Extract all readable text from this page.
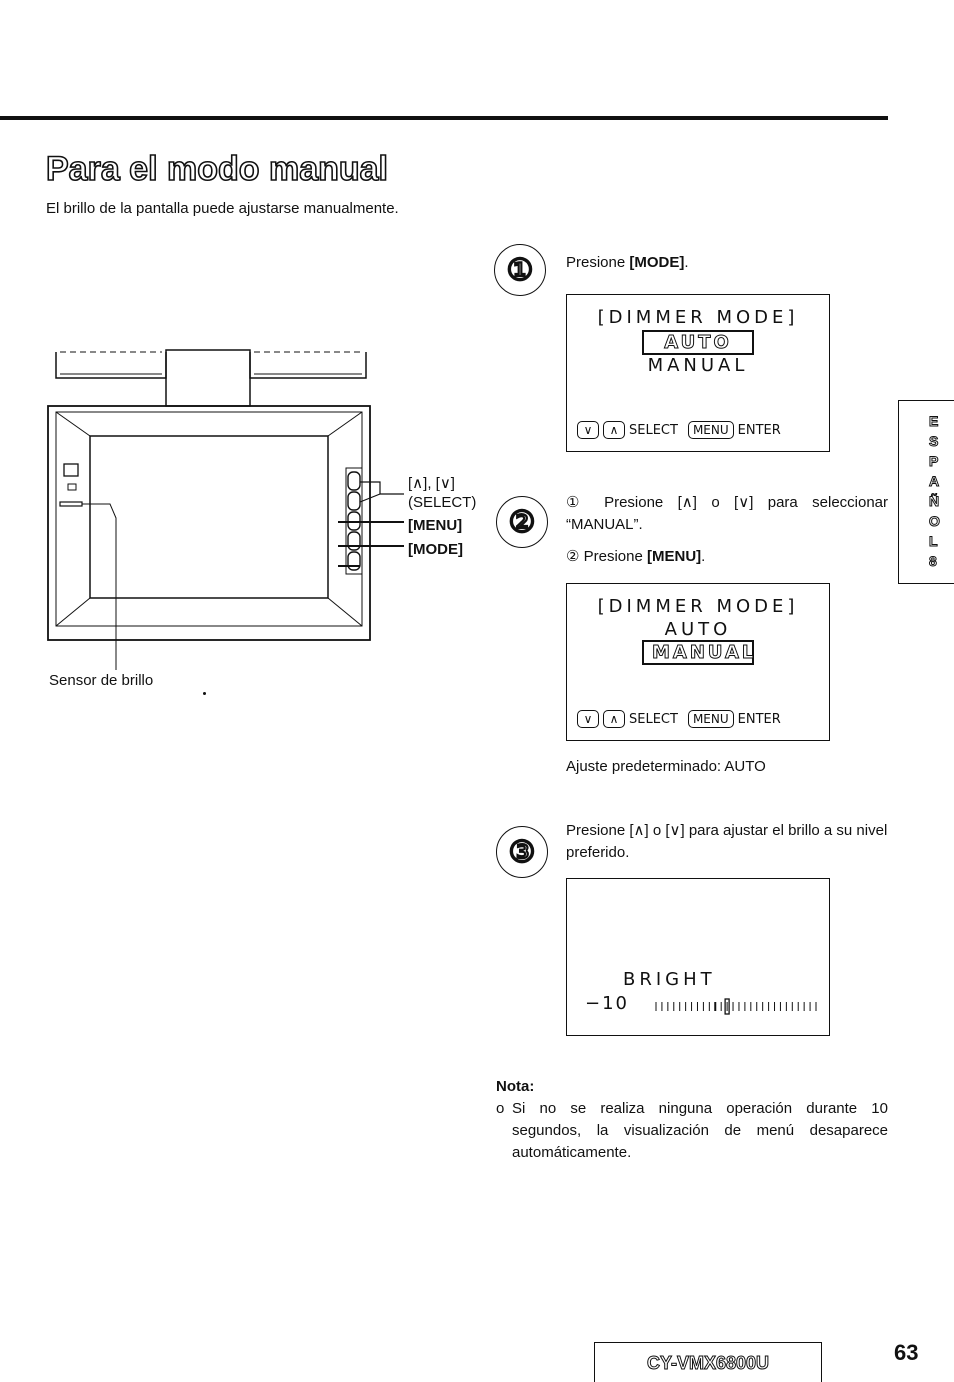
Para el modo manual
El brillo de la pantalla puede ajustarse manualmente.
[∧], [∨]
(SELECT)
[MENU]
[MODE]
Sensor de brillo
①	Presione [MODE].
[DIMMER MODE]
AUTO
MANUAL
∨	∧ SELECT	MENU ENTER
②
① Presione [∧] o [∨] para seleccionar “MANUAL”.
② Presione [MENU].
[DIMMER MODE]
AUTO
MANUAL
∨	∧ SELECT	MENU ENTER
Ajuste predeterminado: AUTO
③
Presione [∧] o [∨] para ajustar el brillo a su nivel preferido.
BRIGHT
−10
Nota:
o Si no se realiza ninguna operación durante 10 segundos, la visualización de menú desaparece automáticamente.
E
S
P
A
Ñ
O
L
8
CY-VMX6800U	63
